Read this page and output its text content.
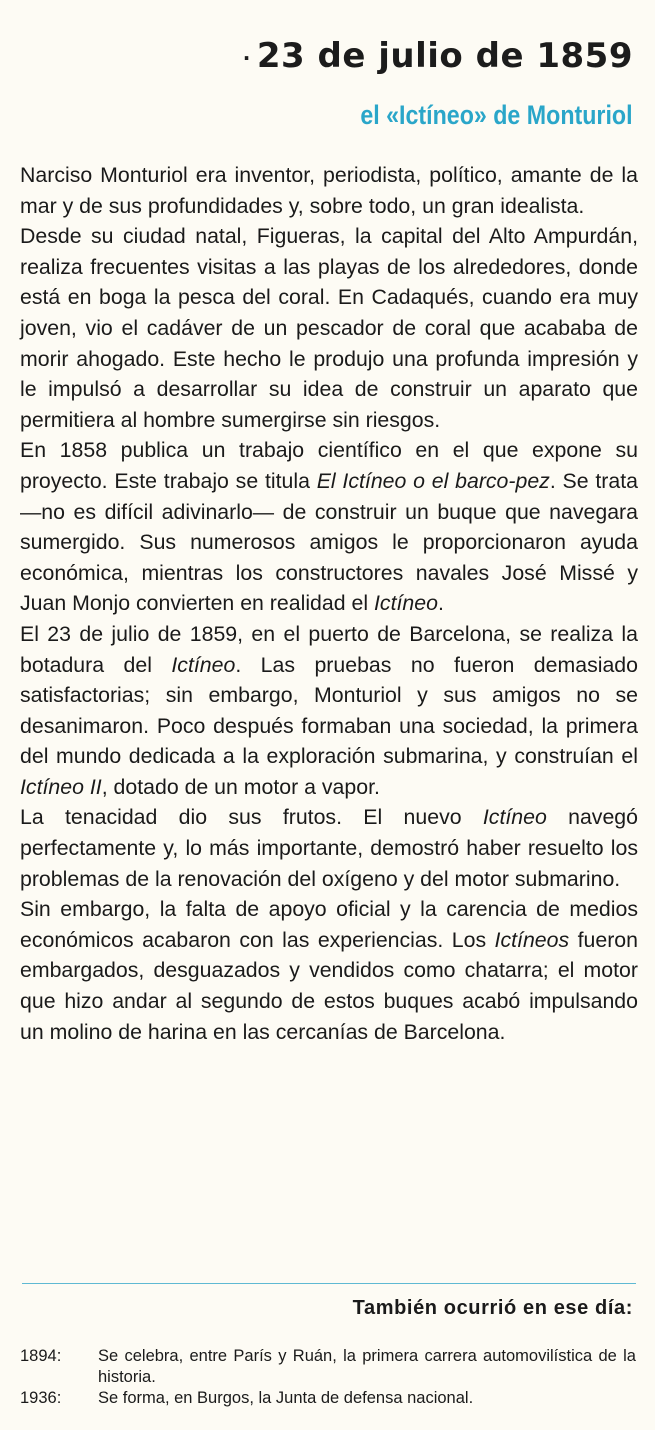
· 23 de julio de 1859
el «Ictíneo» de Monturiol

Narciso Monturiol era inventor, periodista, político, amante de la mar y de sus profundidades y, sobre todo, un gran idealista.

Desde su ciudad natal, Figueras, la capital del Alto Ampurdán, realiza frecuentes visitas a las playas de los alrededores, donde está en boga la pesca del coral. En Cadaqués, cuando era muy joven, vio el cadáver de un pescador de coral que acababa de morir ahogado. Este hecho le produjo una profunda impresión y le impulsó a desarrollar su idea de construir un aparato que permitiera al hombre sumergirse sin riesgos.

En 1858 publica un trabajo científico en el que expone su proyecto. Este trabajo se titula El Ictíneo o el barco-pez. Se trata —no es difícil adivinarlo— de construir un buque que navegara sumergido. Sus numerosos amigos le proporcionaron ayuda económica, mientras los constructores navales José Missé y Juan Monjo convierten en realidad el Ictíneo.

El 23 de julio de 1859, en el puerto de Barcelona, se realiza la botadura del Ictíneo. Las pruebas no fueron demasiado satisfactorias; sin embargo, Monturiol y sus amigos no se desanimaron. Poco después formaban una sociedad, la primera del mundo dedicada a la exploración submarina, y construían el Ictíneo II, dotado de un motor a vapor.

La tenacidad dio sus frutos. El nuevo Ictíneo navegó perfectamente y, lo más importante, demostró haber resuelto los problemas de la renovación del oxígeno y del motor submarino.

Sin embargo, la falta de apoyo oficial y la carencia de medios económicos acabaron con las experiencias. Los Ictíneos fueron embargados, desguazados y vendidos como chatarra; el motor que hizo andar al segundo de estos buques acabó impulsando un molino de harina en las cercanías de Barcelona.

También ocurrió en ese día:
1894:	Se celebra, entre París y Ruán, la primera carrera automovilística de la historia.
1936:	Se forma, en Burgos, la Junta de defensa nacional.
